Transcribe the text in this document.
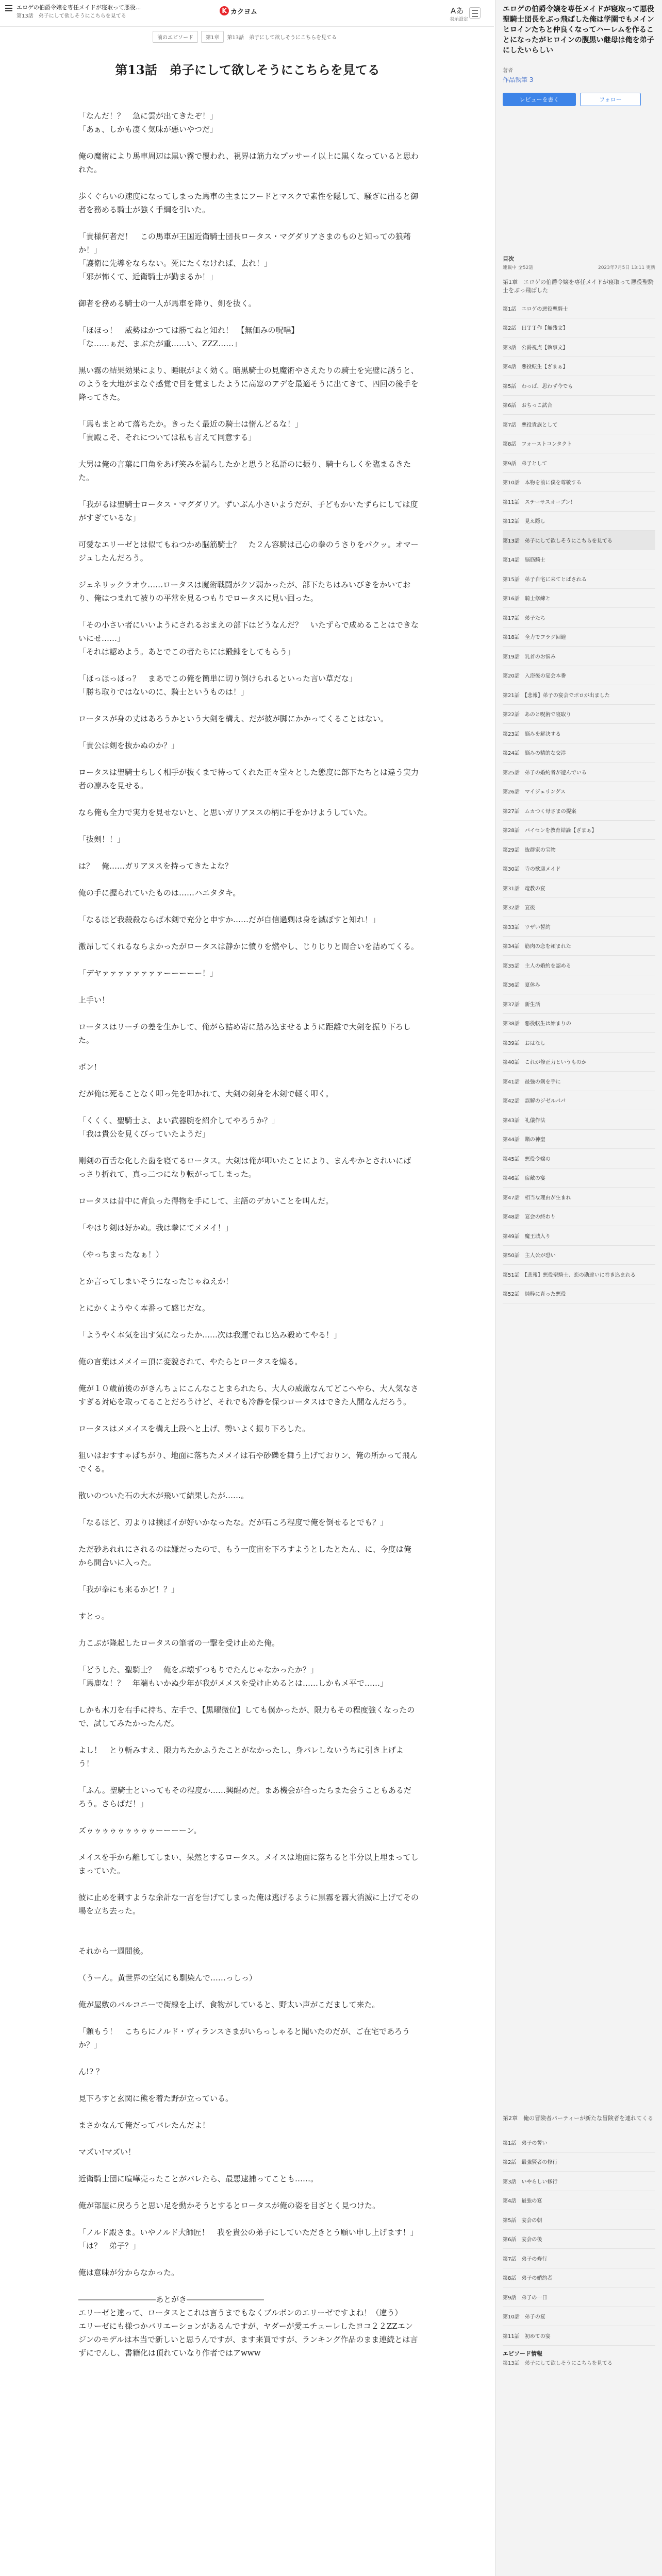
エロゲの伯爵令嬢を専任メイドが寝取って悪役...
第13話　弟子にして欲しそうにこちらを見てる
K カクヨム	Aあ
表示設定
前のエピソード	第1章	第13話　弟子にして欲しそうにこちらを見てる
第13話　弟子にして欲しそうにこちらを見てる

「なんだ！？　急に雲が出てきたぞ！」

「あぁ、しかも凄く気味が悪いやつだ」

俺の魔術により馬車周辺は黒い霧で覆われ、視界は筋力なプッサーイ以上に黒くなっていると思われた。

歩くぐらいの速度になってしまった馬車の主まにフードとマスクで素性を隠して、騒ぎに出ると御者を務める騎士が強く手綱を引いた。

「貴様何者だ！　この馬車が王国近衛騎士団長ロータス・マグダリアさまのものと知っての狼藉か！」

「護衛に先導をならない。死にたくなければ、去れ！」

「邪が怖くて、近衛騎士が勤まるか！」

御者を務める騎士の一人が馬車を降り、剣を抜く。

「ほほっ！　威勢はかつては勝てねと知れ！　【無価みの呪唱】

「な……ぁだ、まぶたが重……い、ZZZ……」

黒い霧の結果効果により、睡眠がよく効く。暗黒騎士の見魔術やさえたりの騎士を完璧に誘うと、のようを大地がまなぐ感覚で目を覚ましたように高窓のアデを最適そうに出てきて、四回の後手を降ってきた。

「馬もまとめて落ちたか。きったく最近の騎士は惰んどるな！」

「貴殿こそ、それについては私も言えて同意する」

大男は俺の言葉に口角をあげ笑みを漏らしたかと思うと私語のに振り、騎士らしくを臨まるきたた。

「我がるは聖騎士ロータス・マグダリア。ずいぶん小さいようだが、子どもかいたずらにしては度がすぎているな」

可愛なエリーゼとは似てもねつかめ脳筋騎士？　た２ん容騎は己心の拳のうさりをパクッ。オマージュしたんだろう。

ジェネリックラオウ……ロータスは魔術戦闘がクソ弱かったが、部下たちはみいびきをかいており、俺はつまれて被りの平常を見るつもりでロータスに見い回った。

「その小さい者にいいようにされるおまえの部下はどうなんだ？　いたずらで成めることはできないにせ……」

「それは認めよう。あとでこの者たちには鍛錬をしてもらう」

「ほっほっほっ？　まあでこの俺を簡単に切り倒けられるといった言い草だな」

「勝ち取りではないのに、騎士というものは！」

ロータスが身の丈はあろうかという大剣を構え、だが彼が脚にかかってくることはない。

「貴公は剣を抜かぬのか？」

ロータスは聖騎士らしく相手が抜くまで待ってくれた正々堂々とした態度に部下たちとは違う実力者の凛みを見せる。

なら俺も全力で実力を見せないと、と思いガリアヌスの柄に手をかけようしていた。

「抜剣！！」

は？　俺……ガリアヌスを持ってきたよな？

俺の手に握られていたものは……ハエタタキ。

「なるほど我殺殺ならば木剣で充分と申すか……だが自信過剰は身を滅ぼすと知れ！」

激昂してくれるならよかったがロータスは静かに憤りを燃やし、じりじりと間合いを詰めてくる。

「デヤァァァァァァァァーーーーー！」

上手い！

ロータスはリーチの差を生かして、俺がら詰め寄に踏み込ませるように距離で大剣を振り下ろした。

ボン!

だが俺は死ることなく叩っ先を叩かれて、大剣の剣身を木剣で軽く叩く。

「くくく、聖騎士よ、よい武器腕を紹介してやろうか？」

「我は貴公を見くびっていたようだ」

剛剣の百舌な化した歯を寝てるロータス。大剣は俺が叩いたことにより、まんやかとされいにばっさり折れて、真っ二つになり転がってしまった。

ロータスは昔中に背負った得物を手にして、主語のデカいことを叫んだ。

「やはり剣は好かぬ。我は拳にてメメイ！」

（やっちまったなぁ！）

とか言ってしまいそうになったじゃねえか！

とにかくようやく本番って感じだな。

「ようやく本気を出す気になったか……次は我運でねじ込み殺めてやる！」

俺の言葉はメメイ＝頂に変貌されて、やたらとロータスを煽る。

俺が１０歳前後のがきんちょにこんなことまられたら、大人の威厳なんてどこへやら、大人気なさすぎる対応を取ってることだろうけど、それでも冷静を保つロータスはできた人間なんだろう。

ロータスはメメイスを構え上段へと上げ、勢いよく振り下ろした。

狙いはおすすゃぱちがり、地面に落ちたメメイは石や砂礫を舞う上げておりン、俺の所かって飛んでくる。

散いのついた石の大木が飛いて結果したが……。

「なるほど、刃よりは撲ばイが好いかなったな。だが石ころ程度で俺を倒せるとでも？」

ただ砂あれれにされるのは嫌だったので、もう一度宙を下ろすようとしたとたん、に、今度は俺から間合いに入った。

「我が拳にも来るかど！？」

すとっ。

力こぶが隆起したロータスの筆者の一撃を受け止めた俺。

「どうした、聖騎士？　俺をぶ壊ずつもりでたんじゃなかったか？」

「馬鹿な！？　年端もいかぬ少年が我がメメスを受け止めるとは……しかもメ平で……」

しかも木刀を右手に持ち、左手で、【黒曜微位】しても僕かったが、限力もその程度強くなったので、試してみたかったんだ。

よし！　とり斬みすえ、限力ちたかふうたことがなかったし、身バレしないうちに引き上げよう！

「ふん。聖騎士といってもその程度か……興醒めだ。まあ機会が合ったらまた会うこともあるだろう。さらばだ！」

ズゥゥゥゥゥゥゥゥゥーーーーン。

メイスを手から離してしまい、呆然とするロータス。メイスは地面に落ちると半分以上埋まってしまっていた。

彼に止めを刺すような余計な一言を告げてしまった俺は逃げるように黒霧を霧大消滅に上げてその場を立ち去った。

それから一週間後。

（うーん。黄世界の空気にも馴染んで……っしっ）

俺が屋敷のバルコニーで街線を上げ、食物がしていると、野太い声がこだまして来た。

「頼もう！　こちらにノルド・ヴィランスさまがいらっしゃると聞いたのだが、ご在宅であろうか？」

ん!? ？

見下ろすと玄関に熊を着た野が立っている。

まさかなんて俺だってバレたんだよ！

マズい!マズい！

近衛騎士団に喧嘩売ったことがバレたら、最悪逮捕ってことも……。

俺が部屋に戻ろうと思い足を動かそうとするとロータスが俺の姿を目ざとく見つけた。

「ノルド殿さま。いやノルド大師匠！　我を貴公の弟子にしていただきとう願い申し上げます！」

「は？　弟子？」

俺は意味が分からなかった。

――――――――――あとがき――――――――――

エリーゼと違って、ロータスとこれは言うまでもなくブルボンのエリーゼですよね！（違う）

エリーゼにも様つかバリエーションがあるんですが、ヤダーが愛エチューレしたヨコ２２ZZエンジンのモデルは本当で新しいと思うんですが、ます来買ですが、ランキング作品のまま連続とは言ずにでんし、書籍化は頂れていなり作者ではアwww

エロゲの伯爵令嬢を専任メイドが寝取って悪役聖騎士団長をぶっ飛ばした俺は学園でもメインヒロインたちと仲良くなってハーレムを作ることになったがヒロインの腹黒い継母は俺を弟子にしたいらしい
著者
作品執筆 3
レビューを書く	フォロー
目次
連載中 全52話	2023年7月5日 13:11 更新
第1章　エロゲの伯爵令嬢を専任メイドが寝取って悪役聖騎士をぶっ飛ばした
第1話　エロゲの悪役聖騎士
第2話　ＨＴＴ作【無残文】
第3話　公爵視点【執事文】
第4話　悪役転生【ざまぁ】
第5話　わっぱ、思わず今でも
第6話　おちっこ試合
第7話　悪役貴族として
第8話　フォーストコンタクト
第9話　弟子として
第10話　本物を前に僕を尊敬する
第11話　ステーサスオープン！
第12話　見え隠し
第13話　弟子にして欲しそうにこちらを見てる
第14話　脳筋騎士
第15話　弟子自宅に来てとばされる
第16話　騎士修練と
第17話　弟子たち
第18話　全力でフラグ回避
第19話　乳首のお悩み
第20話　入浴後の宴会本番
第21話　【悲報】弟子の宴会でボロが出ました
第22話　あのと呪術で寝取り
第23話　悩みを解決する
第24話　悩みの精的な交渉
第25話　弟子の婚約者が遊んでいる
第26話　マイジェリングス
第27話　ムカつく母さまの提案
第28話　パイセンを教育結論【ざまぁ】
第29話　抜群家の宝物
第30話　寺の歓迎メイド
第31話　竜教の宴
第32話　宴後
第33話　ウザい誓約
第34話　筋肉の恋を頼まれた
第35話　主人の婚約を認める
第36話　夏休み
第37話　新生活
第38話　悪役転生は始まりの
第39話　おはなし
第40話　これが修正力というものか
第41話　最強の剣を手に
第42話　誤解のジゼルパパ
第43話　礼儀作法
第44話　賭の神聖
第45話　悪役令嬢の
第46話　宿敵の宴
第47話　相当な理由が生まれ
第48話　宴会の終わり
第49話　魔王城入り
第50話　主人公が恐い
第51話　【悲報】悪役聖騎士、恋の勘違いに巻き込まれる
第52話　純粋に育った悪役
第2章　俺の冒険者パーティーが新たな冒険者を連れてくる
第1話　弟子の誓い
第2話　最強賢者の修行
第3話　いやらしい修行
第4話　最強の宴
第5話　宴会の朝
第6話　宴会の後
第7話　弟子の修行
第8話　弟子の婚約者
第9話　弟子の一日
第10話　弟子の宴
第11話　初めての宴
エピソード情報
第13話　弟子にして欲しそうにこちらを見てる
